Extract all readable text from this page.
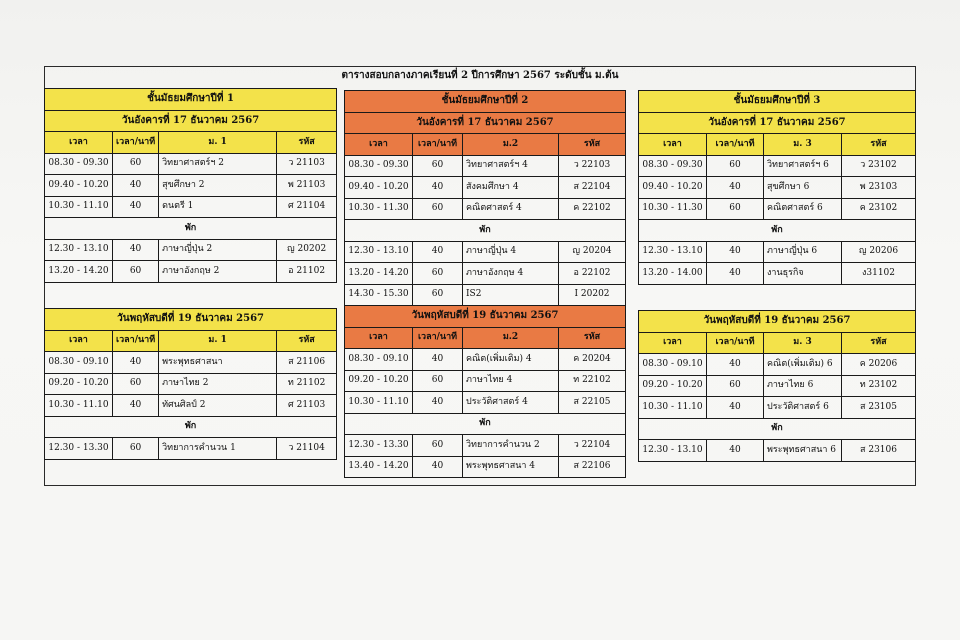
ตารางสอบกลางภาคเรียนที่ 2 ปีการศึกษา 2567 ระดับชั้น ม.ต้น
ชั้นมัธยมศึกษาปีที่ 1			
วันอังคารที่ 17 ธันวาคม 2567			
เวลา	เวลา/นาที	ม. 1	รหัส
08.30 - 09.30	60	วิทยาศาสตร์ฯ 2	ว 21103
09.40 - 10.20	40	สุขศึกษา 2	พ 21103
10.30 - 11.10	40	ดนตรี 1	ศ 21104
พัก			
12.30 - 13.10	40	ภาษาญี่ปุ่น 2	ญ 20202
13.20 - 14.20	60	ภาษาอังกฤษ 2	อ 21102
วันพฤหัสบดีที่ 19 ธันวาคม 2567			
เวลา	เวลา/นาที	ม. 1	รหัส
08.30 - 09.10	40	พระพุทธศาสนา	ส 21106
09.20 - 10.20	60	ภาษาไทย 2	ท 21102
10.30 - 11.10	40	ทัศนศิลป์ 2	ศ 21103
พัก			
12.30 - 13.30	60	วิทยาการคำนวน 1	ว 21104
ชั้นมัธยมศึกษาปีที่ 2			
วันอังคารที่ 17 ธันวาคม 2567			
เวลา	เวลา/นาที	ม.2	รหัส
08.30 - 09.30	60	วิทยาศาสตร์ฯ 4	ว 22103
09.40 - 10.20	40	สังคมศึกษา 4	ส 22104
10.30 - 11.30	60	คณิตศาสตร์ 4	ค 22102
พัก			
12.30 - 13.10	40	ภาษาญี่ปุ่น 4	ญ 20204
13.20 - 14.20	60	ภาษาอังกฤษ 4	อ 22102
14.30 - 15.30	60	IS2	I 20202
วันพฤหัสบดีที่ 19 ธันวาคม 2567			
เวลา	เวลา/นาที	ม.2	รหัส
08.30 - 09.10	40	คณิต(เพิ่มเติม) 4	ค 20204
09.20 - 10.20	60	ภาษาไทย 4	ท 22102
10.30 - 11.10	40	ประวัติศาสตร์ 4	ส 22105
พัก			
12.30 - 13.30	60	วิทยาการคำนวน 2	ว 22104
13.40 - 14.20	40	พระพุทธศาสนา 4	ส 22106
ชั้นมัธยมศึกษาปีที่ 3			
วันอังคารที่ 17 ธันวาคม 2567			
เวลา	เวลา/นาที	ม. 3	รหัส
08.30 - 09.30	60	วิทยาศาสตร์ฯ 6	ว 23102
09.40 - 10.20	40	สุขศึกษา 6	พ 23103
10.30 - 11.30	60	คณิตศาสตร์ 6	ค 23102
พัก			
12.30 - 13.10	40	ภาษาญี่ปุ่น 6	ญ 20206
13.20 - 14.00	40	งานธุรกิจ	ง31102
วันพฤหัสบดีที่ 19 ธันวาคม 2567			
เวลา	เวลา/นาที	ม. 3	รหัส
08.30 - 09.10	40	คณิต(เพิ่มเติม) 6	ค 20206
09.20 - 10.20	60	ภาษาไทย 6	ท 23102
10.30 - 11.10	40	ประวัติศาสตร์ 6	ส 23105
พัก			
12.30 - 13.10	40	พระพุทธศาสนา 6	ส 23106
